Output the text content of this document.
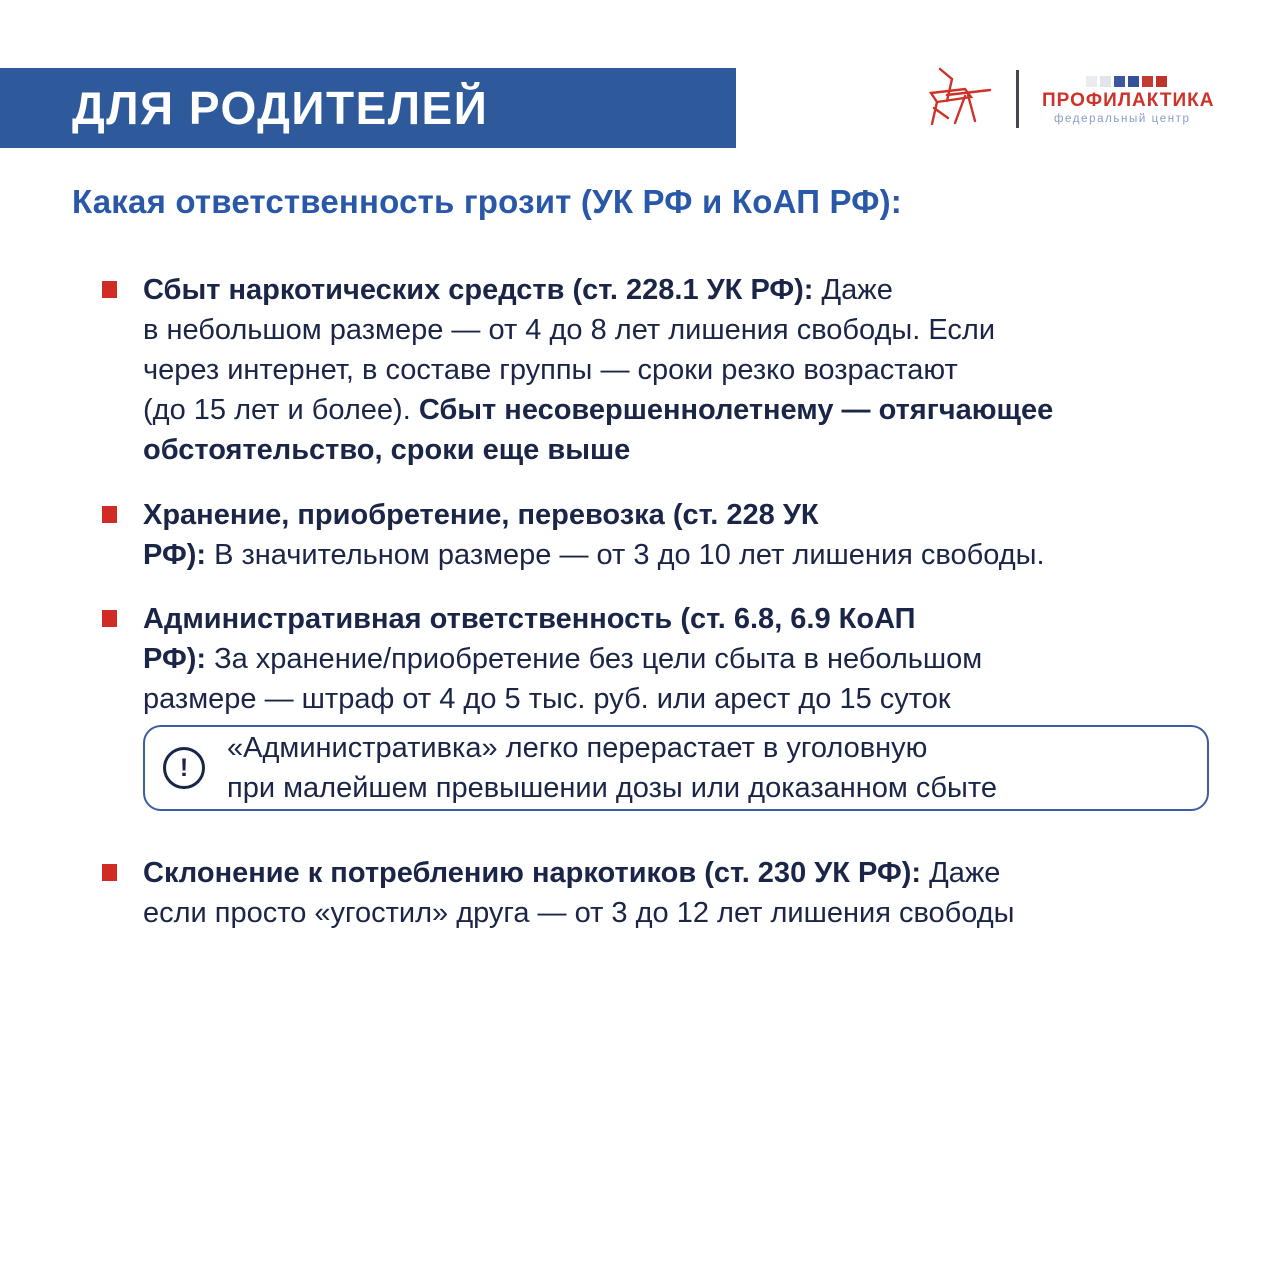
ДЛЯ РОДИТЕЛЕЙ	ПРОФИЛАКТИКА
федеральный центр
Какая ответственность грозит (УК РФ и КоАП РФ):
Сбыт наркотических средств (ст. 228.1 УК РФ): Даже
в небольшом размере — от 4 до 8 лет лишения свободы. Если
через интернет, в составе группы — сроки резко возрастают
(до 15 лет и более). Сбыт несовершеннолетнему — отягчающее
обстоятельство, сроки еще выше
Хранение, приобретение, перевозка (ст. 228 УК
РФ): В значительном размере — от 3 до 10 лет лишения свободы.
Административная ответственность (ст. 6.8, 6.9 КоАП
РФ): За хранение/приобретение без цели сбыта в небольшом
размере — штраф от 4 до 5 тыс. руб. или арест до 15 суток
!
«Административка» легко перерастает в уголовную
при малейшем превышении дозы или доказанном сбыте
Склонение к потреблению наркотиков (ст. 230 УК РФ): Даже
если просто «угостил» друга — от 3 до 12 лет лишения свободы
